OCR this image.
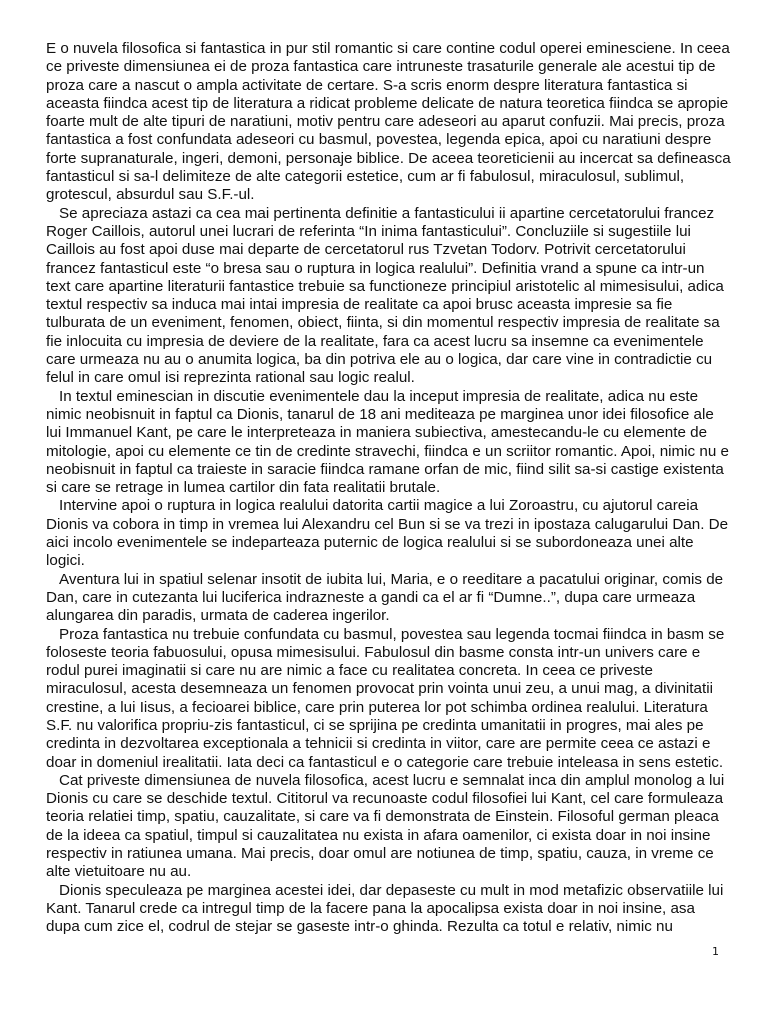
E o nuvela filosofica si fantastica in pur stil romantic si care contine codul operei eminesciene. In ceea ce priveste dimensiunea ei de proza fantastica care intruneste trasaturile generale ale acestui tip de proza care a nascut o ampla activitate de certare. S-a scris enorm despre literatura fantastica si aceasta fiindca acest tip de literatura a ridicat probleme delicate de natura teoretica fiindca se apropie foarte mult de alte tipuri de naratiuni, motiv pentru care adeseori au aparut confuzii. Mai precis, proza fantastica a fost confundata adeseori cu basmul, povestea, legenda epica, apoi cu naratiuni despre forte supranaturale, ingeri, demoni, personaje biblice. De aceea teoreticienii au incercat sa defineasca fantasticul si sa-l delimiteze de alte categorii estetice, cum ar fi fabulosul, miraculosul, sublimul, grotescul, absurdul sau S.F.-ul.

Se apreciaza astazi ca cea mai pertinenta definitie a fantasticului ii apartine cercetatorului francez Roger Caillois, autorul unei lucrari de referinta “In inima fantasticului”. Concluziile si sugestiile lui Caillois au fost apoi duse mai departe de cercetatorul rus Tzvetan Todorv. Potrivit cercetatorului francez fantasticul este “o bresa sau o ruptura in logica realului”. Definitia vrand a spune ca intr-un text care apartine literaturii fantastice trebuie sa functioneze principiul aristotelic al mimesisului, adica textul respectiv sa induca mai intai impresia de realitate ca apoi brusc aceasta impresie sa fie tulburata de un eveniment, fenomen, obiect, fiinta, si din momentul respectiv impresia de realitate sa fie inlocuita cu impresia de deviere de la realitate, fara ca acest lucru sa insemne ca evenimentele care urmeaza nu au o anumita logica, ba din potriva ele au o logica, dar care vine in contradictie cu felul in care omul isi reprezinta rational sau logic realul.

In textul eminescian in discutie evenimentele dau la inceput impresia de realitate, adica nu este nimic neobisnuit in faptul ca Dionis, tanarul de 18 ani mediteaza pe marginea unor idei filosofice ale lui Immanuel Kant, pe care le interpreteaza in maniera subiectiva, amestecandu-le cu elemente de mitologie, apoi cu elemente ce tin de credinte stravechi, fiindca e un scriitor romantic. Apoi, nimic nu e neobisnuit in faptul ca traieste in saracie fiindca ramane orfan de mic, fiind silit sa-si castige existenta si care se retrage in lumea cartilor din fata realitatii brutale.

Intervine apoi o ruptura in logica realului datorita cartii magice a lui Zoroastru, cu ajutorul careia Dionis va cobora in timp in vremea lui Alexandru cel Bun si se va trezi in ipostaza calugarului Dan. De aici incolo evenimentele se indeparteaza puternic de logica realului si se subordoneaza unei alte logici.

Aventura lui in spatiul selenar insotit de iubita lui, Maria, e o reeditare a pacatului originar, comis de Dan, care in cutezanta lui luciferica indrazneste a gandi ca el ar fi “Dumne..”, dupa care urmeaza alungarea din paradis, urmata de caderea ingerilor.

Proza fantastica nu trebuie confundata cu basmul, povestea sau legenda tocmai fiindca in basm se foloseste teoria fabuosului, opusa mimesisului. Fabulosul din basme consta intr-un univers care e rodul purei imaginatii si care nu are nimic a face cu realitatea concreta. In ceea ce priveste miraculosul, acesta desemneaza un fenomen provocat prin vointa unui zeu, a unui mag, a divinitatii crestine, a lui Iisus, a fecioarei biblice, care prin puterea lor pot schimba ordinea realului. Literatura S.F. nu valorifica propriu-zis fantasticul, ci se sprijina pe credinta umanitatii in progres, mai ales pe credinta in dezvoltarea exceptionala a tehnicii si credinta in viitor, care are permite ceea ce astazi e doar in domeniul irealitatii. Iata deci ca fantasticul e o categorie care trebuie inteleasa in sens estetic.

Cat priveste dimensiunea de nuvela filosofica, acest lucru e semnalat inca din amplul monolog a lui Dionis cu care se deschide textul. Cititorul va recunoaste codul filosofiei lui Kant, cel care formuleaza teoria relatiei timp, spatiu, cauzalitate, si care va fi demonstrata de Einstein. Filosoful german pleaca de la ideea ca spatiul, timpul si cauzalitatea nu exista in afara oamenilor, ci exista doar in noi insine respectiv in ratiunea umana. Mai precis, doar omul are notiunea de timp, spatiu, cauza, in vreme ce alte vietuitoare nu au.

Dionis speculeaza pe marginea acestei idei, dar depaseste cu mult in mod metafizic observatiile lui Kant. Tanarul crede ca intregul timp de la facere pana la apocalipsa exista doar in noi insine, asa dupa cum zice el, codrul de stejar se gaseste intr-o ghinda. Rezulta ca totul e relativ, nimic nu

1
